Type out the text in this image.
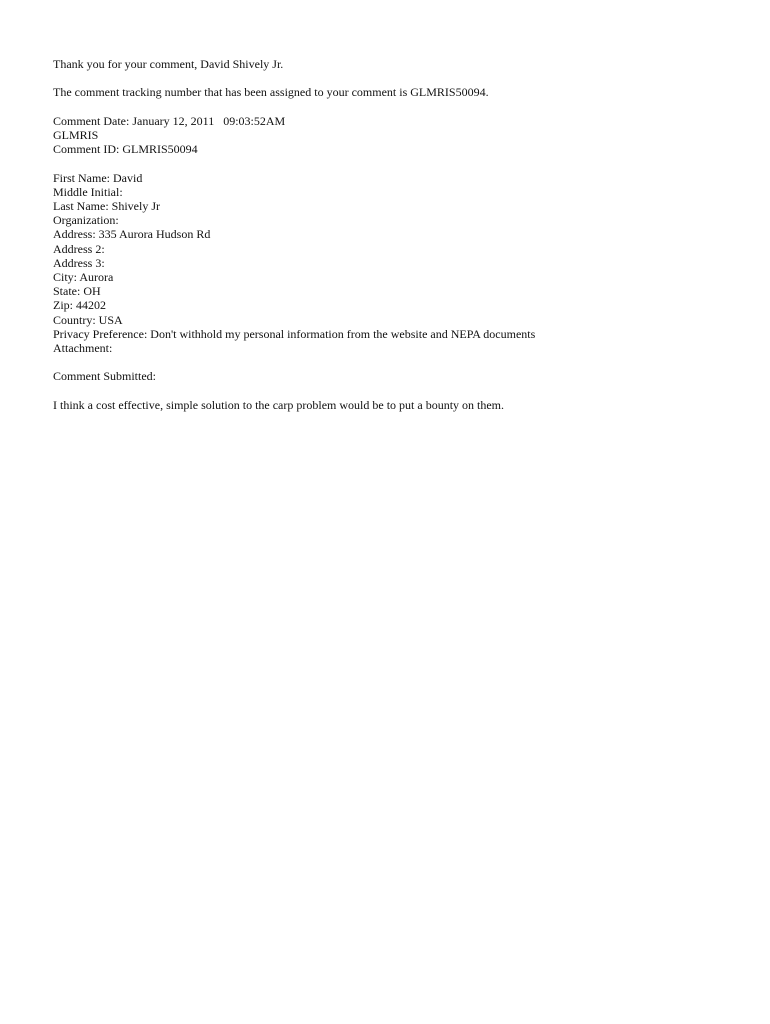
Thank you for your comment, David Shively Jr.
The comment tracking number that has been assigned to your comment is GLMRIS50094.
Comment Date: January 12, 2011   09:03:52AM
GLMRIS
Comment ID: GLMRIS50094
First Name: David
Middle Initial:
Last Name: Shively Jr
Organization:
Address: 335 Aurora Hudson Rd
Address 2:
Address 3:
City: Aurora
State: OH
Zip: 44202
Country: USA
Privacy Preference: Don't withhold my personal information from the website and NEPA documents
Attachment:
Comment Submitted:
I think a cost effective, simple solution to the carp problem would be to put a bounty on them.
